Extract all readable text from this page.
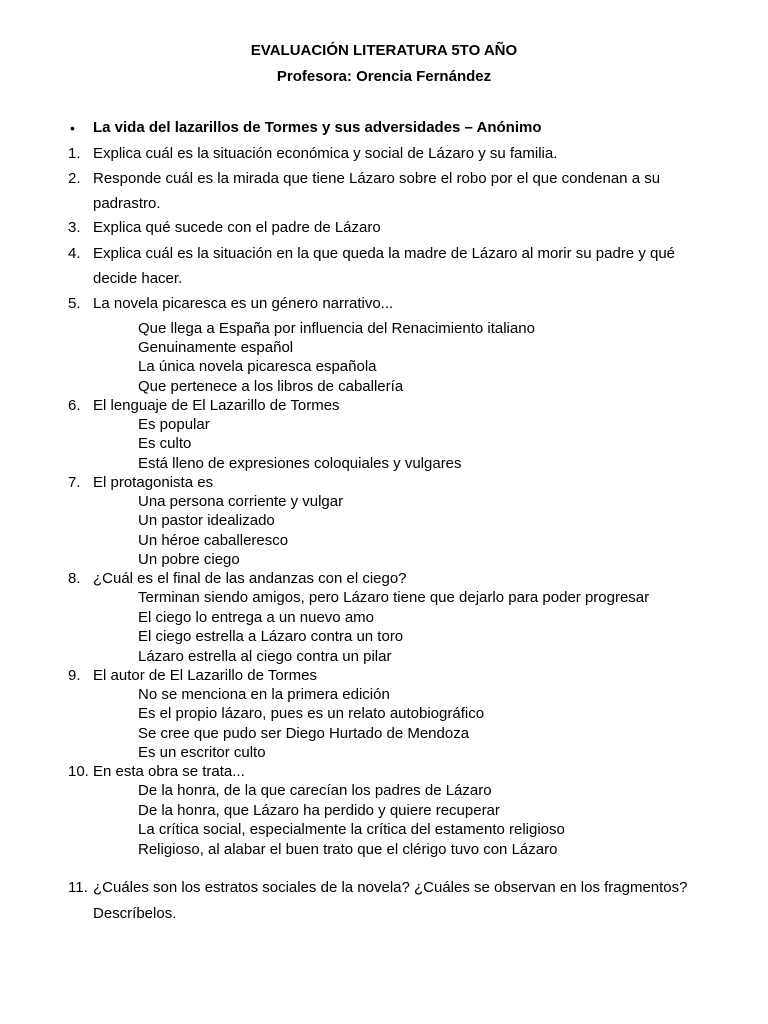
EVALUACIÓN LITERATURA 5TO AÑO
Profesora: Orencia Fernández
• La vida del lazarillos de Tormes y sus adversidades – Anónimo
1. Explica cuál es la situación económica y social de Lázaro y su familia.
2. Responde cuál es la mirada que tiene Lázaro sobre el robo por el que condenan a su
padrastro.
3. Explica qué sucede con el padre de Lázaro
4. Explica cuál es la situación en la que queda la madre de Lázaro al morir su padre y qué
decide hacer.
5. La novela picaresca es un género narrativo...
Que llega a España por influencia del Renacimiento italiano
Genuinamente español
La única novela picaresca española
Que pertenece a los libros de caballería
6. El lenguaje de El Lazarillo de Tormes
Es popular
Es culto
Está lleno de expresiones coloquiales y vulgares
7. El protagonista es
Una persona corriente y vulgar
Un pastor idealizado
Un héroe caballeresco
Un pobre ciego
8. ¿Cuál es el final de las andanzas con el ciego?
Terminan siendo amigos, pero Lázaro tiene que dejarlo para poder progresar
El ciego lo entrega a un nuevo amo
El ciego estrella a Lázaro contra un toro
Lázaro estrella al ciego contra un pilar
9. El autor de El Lazarillo de Tormes
No se menciona en la primera edición
Es el propio lázaro, pues es un relato autobiográfico
Se cree que pudo ser Diego Hurtado de Mendoza
Es un escritor culto
10. En esta obra se trata...
De la honra, de la que carecían los padres de Lázaro
De la honra, que Lázaro ha perdido y quiere recuperar
La crítica social, especialmente la crítica del estamento religioso
Religioso, al alabar el buen trato que el clérigo tuvo con Lázaro
11. ¿Cuáles son los estratos sociales de la novela? ¿Cuáles se observan en los fragmentos?
Descríbelos.
